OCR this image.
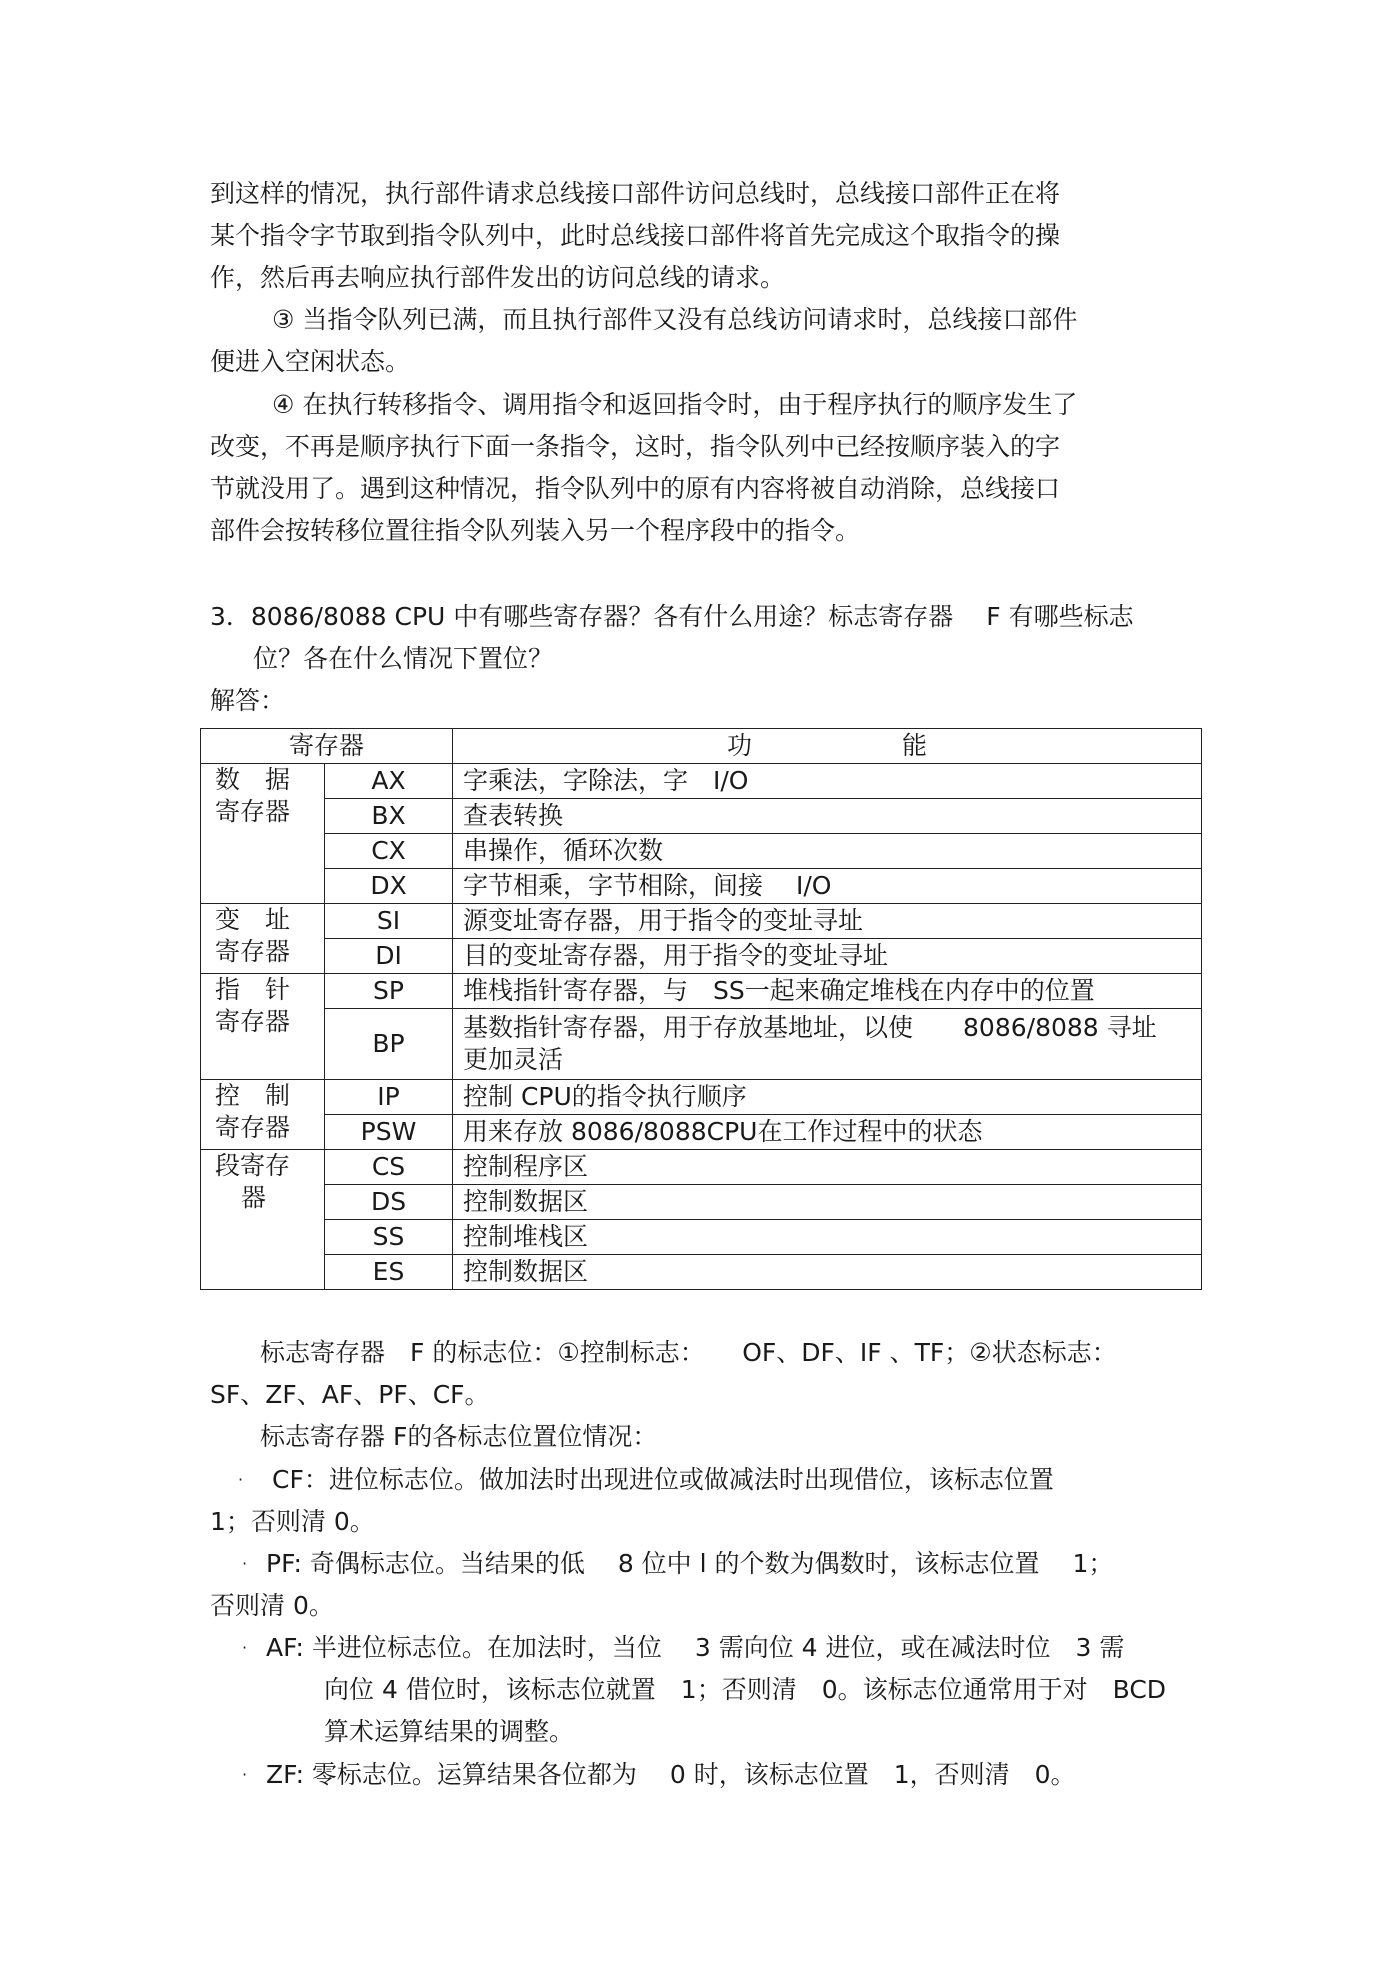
到这样的情况，执行部件请求总线接口部件访问总线时，总线接口部件正在将
某个指令字节取到指令队列中，此时总线接口部件将首先完成这个取指令的操
作，然后再去响应执行部件发出的访问总线的请求。
③ 当指令队列已满，而且执行部件又没有总线访问请求时，总线接口部件
便进入空闲状态。
④ 在执行转移指令、调用指令和返回指令时，由于程序执行的顺序发生了
改变，不再是顺序执行下面一条指令，这时，指令队列中已经按顺序装入的字
节就没用了。遇到这种情况，指令队列中的原有内容将被自动消除，总线接口
部件会按转移位置往指令队列装入另一个程序段中的指令。
3．8086/8088 CPU 中有哪些寄存器？各有什么用途？标志寄存器　 F 有哪些标志
位？各在什么情况下置位？
解答：
寄存器		功 能

数　据
寄存器	AX	字乘法，字除法，字　I/O
	BX	查表转换
	CX	串操作，循环次数
	DX	字节相乘，字节相除，间接　 I/O

变　址
寄存器	SI	源变址寄存器，用于指令的变址寻址
	DI	目的变址寄存器，用于指令的变址寻址

指　针
寄存器	SP	堆栈指针寄存器，与　SS一起来确定堆栈在内存中的位置
	BP	基数指针寄存器，用于存放基地址，以使　　8086/8088 寻址
更加灵活

控　制
寄存器	IP	控制 CPU的指令执行顺序
	PSW	用来存放 8086/8088CPU在工作过程中的状态

段寄存
器	CS	控制程序区
	DS	控制数据区
	SS	控制堆栈区
	ES	控制数据区
标志寄存器　F 的标志位：①控制标志：　　OF、DF、IF 、TF；②状态标志：
SF、ZF、AF、PF、CF。
标志寄存器 F的各标志位置位情况：
· CF：进位标志位。做加法时出现进位或做减法时出现借位，该标志位置
1；否则清 0。
· PF: 奇偶标志位。当结果的低　 8 位中 l 的个数为偶数时，该标志位置　 1；
否则清 0。
· AF: 半进位标志位。在加法时，当位　 3 需向位 4 进位，或在减法时位　3 需
向位 4 借位时，该标志位就置　1；否则清　0。该标志位通常用于对　BCD
算术运算结果的调整。
· ZF: 零标志位。运算结果各位都为　 0 时，该标志位置　1，否则清　0。
